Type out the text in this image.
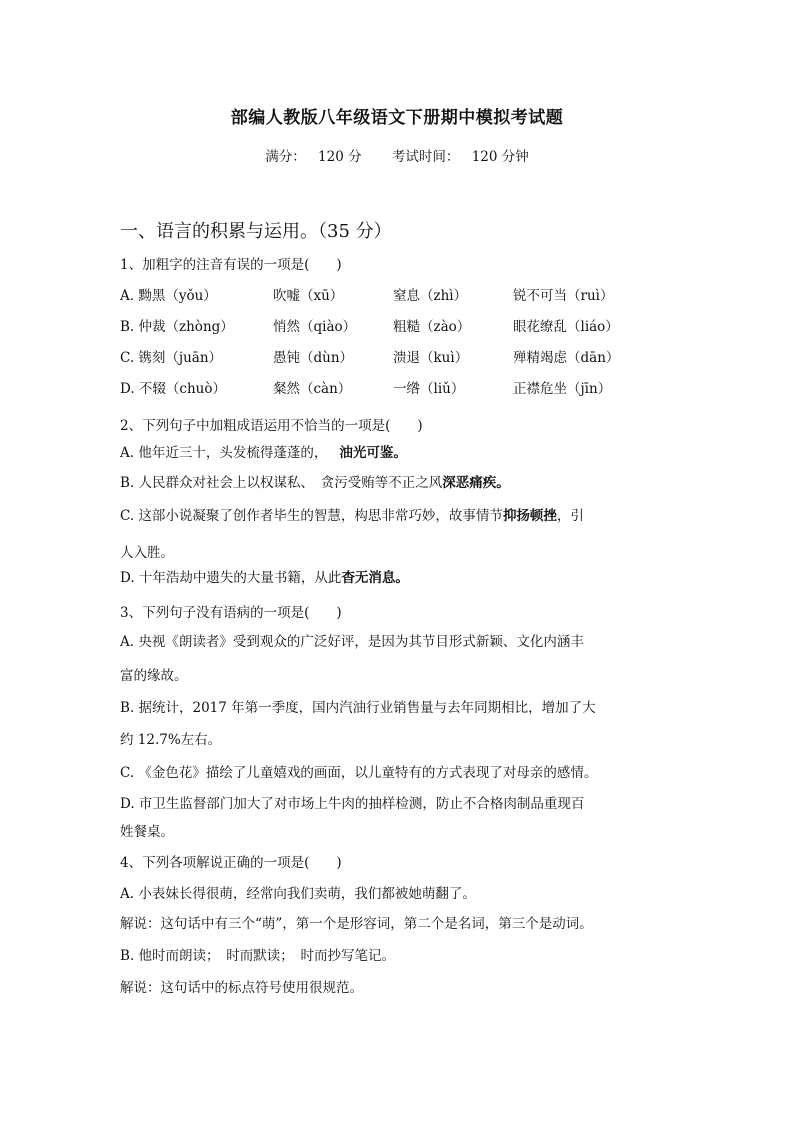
部编人教版八年级语文下册期中模拟考试题
满分： 120 分 考试时间： 120 分钟
一、语言的积累与运用。（35 分）
1、加粗字的注音有误的一项是(　　)
A. 黝黑（yǒu）	吹嘘（xū）	窒息（zhì）	锐不可当（ruì）
B. 仲裁（zhòng）	悄然（qiào）	粗糙（zào）	眼花缭乱（liáo）
C. 镌刻（juān）	愚钝（dùn）	溃退（kuì）	殚精竭虑（dān）
D. 不辍（chuò）	粲然（càn）	一绺（liǔ）	正襟危坐（jīn）
2、下列句子中加粗成语运用不恰当的一项是(　　)
A. 他年近三十，头发梳得蓬蓬的， 油光可鉴。
B. 人民群众对社会上以权谋私、　贪污受贿等不正之风深恶痛疾。
C. 这部小说凝聚了创作者毕生的智慧，构思非常巧妙，故事情节抑扬顿挫，引
人入胜。
D. 十年浩劫中遗失的大量书籍，从此杳无消息。
3、下列句子没有语病的一项是(　　)
A. 央视《朗读者》受到观众的广泛好评，是因为其节目形式新颖、文化内涵丰
富的缘故。
B. 据统计，2017 年第一季度，国内汽油行业销售量与去年同期相比，增加了大
约 12.7%左右。
C. 《金色花》描绘了儿童嬉戏的画面，以儿童特有的方式表现了对母亲的感情。
D. 市卫生监督部门加大了对市场上牛肉的抽样检测，防止不合格肉制品重现百
姓餐桌。
4、下列各项解说正确的一项是(　　)
A. 小表妹长得很萌，经常向我们卖萌，我们都被她萌翻了。
解说：这句话中有三个“萌”，第一个是形容词，第二个是名词，第三个是动词。
B. 他时而朗读；　时而默读；　时而抄写笔记。
解说：这句话中的标点符号使用很规范。
